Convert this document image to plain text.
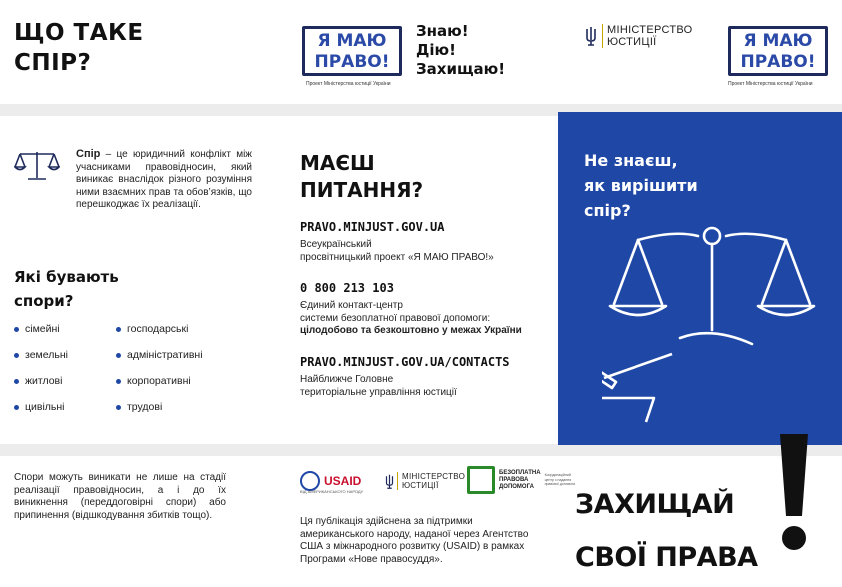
ЩО ТАКЕ
СПІР?
Я МАЮ
ПРАВО!
Проект Міністерства юстиції України
Знаю!
Дію!
Захищаю!
МІНІСТЕРСТВО
ЮСТИЦІЇ	Я МАЮ
ПРАВО!
Проект Міністерства юстиції України
Спір – це юридичний конфлікт між учасниками правовідносин, який виникає внаслідок різного розуміння ними взаємних прав та обов’язків, що перешкоджає їх реалізації.
Які бувають
спори?
сімейні
земельні
житлові
цивільні
господарські
адміністративні
корпоративні
трудові
МАЄШ
ПИТАННЯ?
PRAVO.MINJUST.GOV.UA
Всеукраїнський
просвітницький проект «Я МАЮ ПРАВО!»
0 800 213 103
Єдиний контакт-центр
системи безоплатної правової допомоги:
цілодобово та безкоштовно у межах України
PRAVO.MINJUST.GOV.UA/CONTACTS
Найближче Головне
територіальне управління юстиції
Не знаєш,
як вирішити
спір?
Спори можуть виникати не лише на стадії реалізації правовідносин, а і до їх виникнення (переддоговірні спори) або припинення (відшкодування збитків тощо).
USAID
ВІД АМЕРИКАНСЬКОГО НАРОДУ
МІНІСТЕРСТВО
ЮСТИЦІЇ
БЕЗОПЛАТНА
ПРАВОВА
ДОПОМОГА
Координаційний центр з надання правової допомоги
Ця публікація здійснена за підтримки американського народу, наданої через Агентство США з міжнародного розвитку (USAID) в рамках Програми «Нове правосуддя».
ЗАХИЩАЙ
СВОЇ ПРАВА	!
